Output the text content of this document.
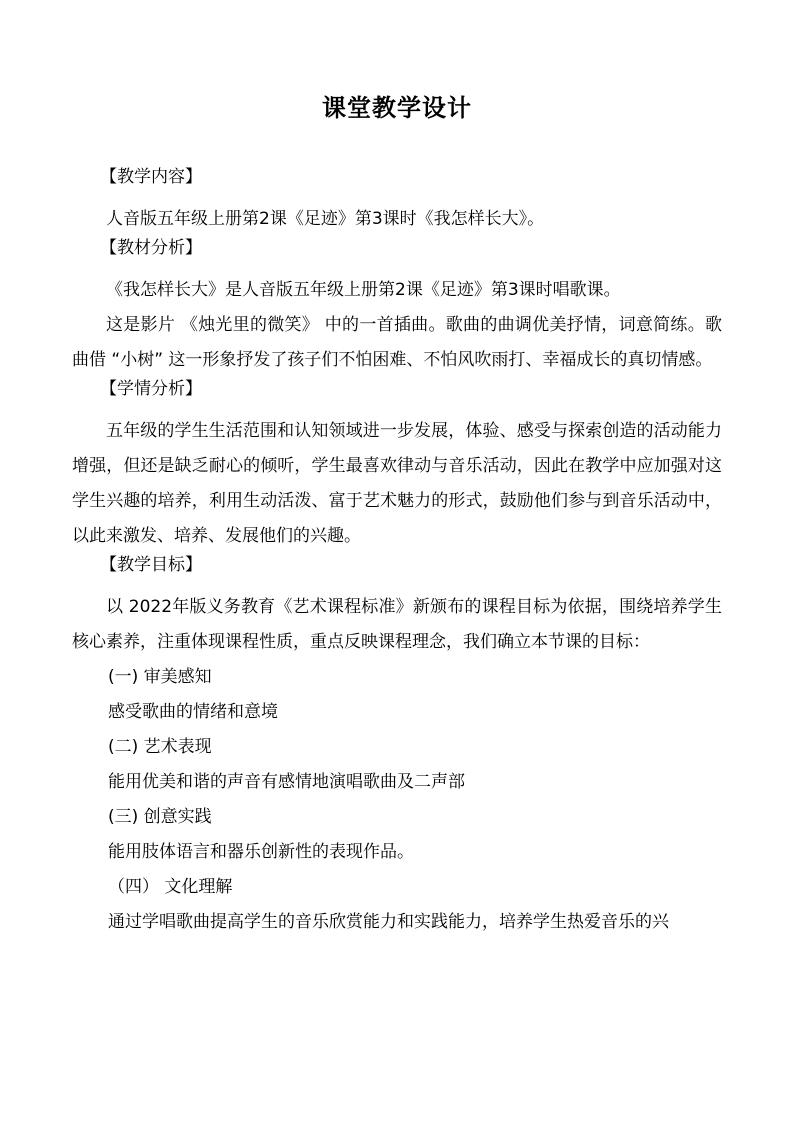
课堂教学设计

【教学内容】

人音版五年级上册第2课《足迹》第3课时《我怎样长大》。

【教材分析】

《我怎样长大》是人音版五年级上册第2课《足迹》第3课时唱歌课。

这是影片 《烛光里的微笑》 中的一首插曲。歌曲的曲调优美抒情，词意简练。歌曲借 “小树” 这一形象抒发了孩子们不怕困难、不怕风吹雨打、幸福成长的真切情感。

【学情分析】

五年级的学生生活范围和认知领域进一步发展，体验、感受与探索创造的活动能力增强，但还是缺乏耐心的倾听，学生最喜欢律动与音乐活动，因此在教学中应加强对这学生兴趣的培养，利用生动活泼、富于艺术魅力的形式，鼓励他们参与到音乐活动中，以此来激发、培养、发展他们的兴趣。

【教学目标】

以 2022年版义务教育《艺术课程标准》新颁布的课程目标为依据，围绕培养学生核心素养，注重体现课程性质，重点反映课程理念，我们确立本节课的目标：

(一) 审美感知

感受歌曲的情绪和意境

(二) 艺术表现

能用优美和谐的声音有感情地演唱歌曲及二声部

(三) 创意实践

能用肢体语言和器乐创新性的表现作品。

（四） 文化理解

通过学唱歌曲提高学生的音乐欣赏能力和实践能力，培养学生热爱音乐的兴
